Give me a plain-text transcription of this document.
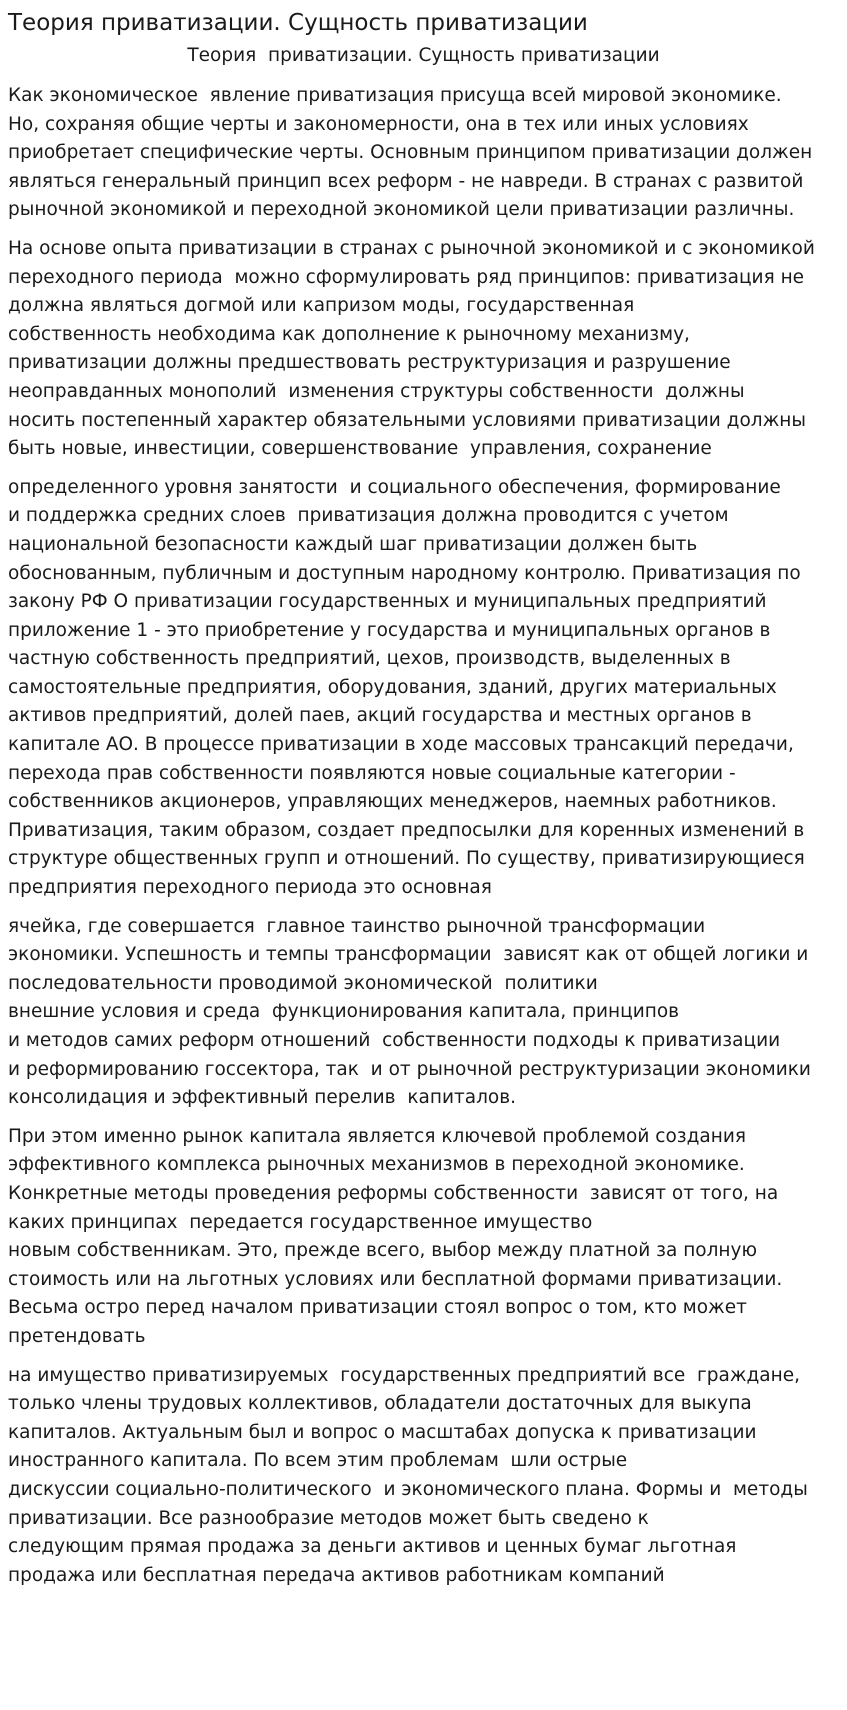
Теория приватизации. Сущность приватизации
Теория  приватизации. Сущность приватизации

Как экономическое  явление приватизация присуща всей мировой экономике.
Но, сохраняя общие черты и закономерности, она в тех или иных условиях
приобретает специфические черты. Основным принципом приватизации должен
являться генеральный принцип всех реформ - не навреди. В странах с развитой
рыночной экономикой и переходной экономикой цели приватизации различны.

На основе опыта приватизации в странах с рыночной экономикой и с экономикой
переходного периода  можно сформулировать ряд принципов: приватизация не
должна являться догмой или капризом моды, государственная
собственность необходима как дополнение к рыночному механизму,
приватизации должны предшествовать реструктуризация и разрушение
неоправданных монополий  изменения структуры собственности  должны
носить постепенный характер обязательными условиями приватизации должны
быть новые, инвестиции, совершенствование  управления, сохранение

определенного уровня занятости  и социального обеспечения, формирование
и поддержка средних слоев  приватизация должна проводится с учетом
национальной безопасности каждый шаг приватизации должен быть
обоснованным, публичным и доступным народному контролю. Приватизация по
закону РФ О приватизации государственных и муниципальных предприятий
приложение 1 - это приобретение у государства и муниципальных органов в
частную собственность предприятий, цехов, производств, выделенных в
самостоятельные предприятия, оборудования, зданий, других материальных
активов предприятий, долей паев, акций государства и местных органов в
капитале АО. В процессе приватизации в ходе массовых трансакций передачи,
перехода прав собственности появляются новые социальные категории -
собственников акционеров, управляющих менеджеров, наемных работников.
Приватизация, таким образом, создает предпосылки для коренных изменений в
структуре общественных групп и отношений. По существу, приватизирующиеся
предприятия переходного периода это основная

ячейка, где совершается  главное таинство рыночной трансформации
экономики. Успешность и темпы трансформации  зависят как от общей логики и
последовательности проводимой экономической  политики
внешние условия и среда  функционирования капитала, принципов
и методов самих реформ отношений  собственности подходы к приватизации
и реформированию госсектора, так  и от рыночной реструктуризации экономики
консолидация и эффективный перелив  капиталов.

При этом именно рынок капитала является ключевой проблемой создания
эффективного комплекса рыночных механизмов в переходной экономике.
Конкретные методы проведения реформы собственности  зависят от того, на
каких принципах  передается государственное имущество
новым собственникам. Это, прежде всего, выбор между платной за полную
стоимость или на льготных условиях или бесплатной формами приватизации.
Весьма остро перед началом приватизации стоял вопрос о том, кто может
претендовать

на имущество приватизируемых  государственных предприятий все  граждане,
только члены трудовых коллективов, обладатели достаточных для выкупа
капиталов. Актуальным был и вопрос о масштабах допуска к приватизации
иностранного капитала. По всем этим проблемам  шли острые
дискуссии социально-политического  и экономического плана. Формы и  методы
приватизации. Все разнообразие методов может быть сведено к
следующим прямая продажа за деньги активов и ценных бумаг льготная
продажа или бесплатная передача активов работникам компаний
